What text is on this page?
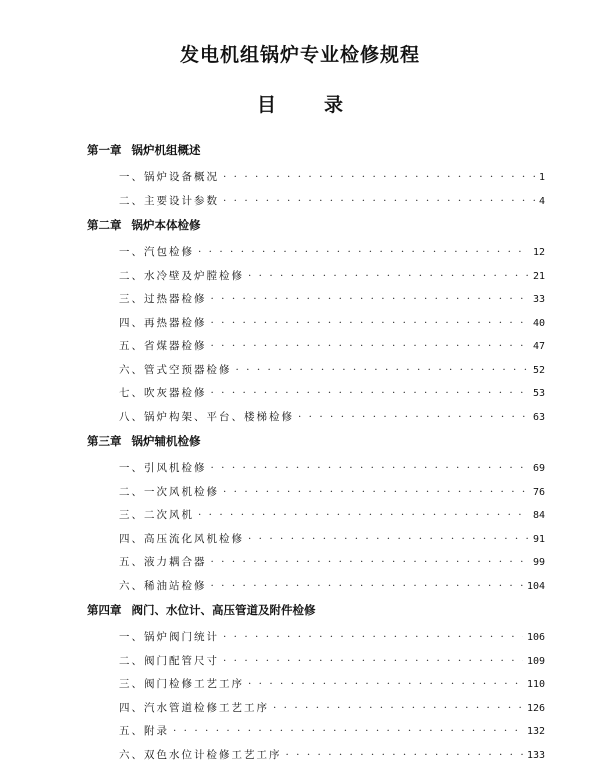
发电机组锅炉专业检修规程
目	录
第一章 锅炉机组概述
一、锅炉设备概况 · · ·	1
二、主要设计参数 · · ·	4
第二章 锅炉本体检修
一、汽包检修 · · ·	12
二、水冷壁及炉膛检修 · · ·	21
三、过热器检修 · · ·	33
四、再热器检修 · · ·	40
五、省煤器检修 · · ·	47
六、管式空预器检修 · · ·	52
七、吹灰器检修 · · ·	53
八、锅炉构架、平台、楼梯检修 · · ·	63
第三章 锅炉辅机检修
一、引风机检修 · · ·	69
二、一次风机检修 · · ·	76
三、二次风机 · · ·	84
四、高压流化风机检修 · · ·	91
五、液力耦合器 · · ·	99
六、稀油站检修 · · ·	104
第四章 阀门、水位计、高压管道及附件检修
一、锅炉阀门统计 · · ·	106
二、阀门配管尺寸 · · ·	109
三、阀门检修工艺工序 · · ·	110
四、汽水管道检修工艺工序 · · ·	126
五、附录 · · ·	132
六、双色水位计检修工艺工序 · · ·	133
